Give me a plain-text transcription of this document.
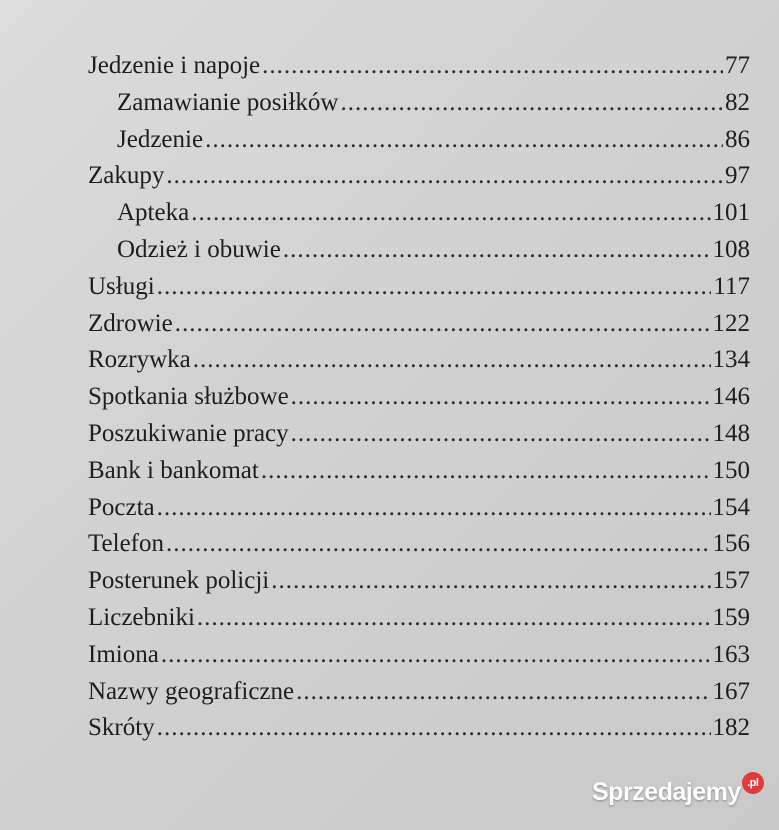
Jedzenie i napoje .....	77
Zamawianie posiłków .....	82
Jedzenie .....	86
Zakupy .....	97
Apteka .....	101
Odzież i obuwie .....	108
Usługi .....	117
Zdrowie .....	122
Rozrywka .....	134
Spotkania służbowe .....	146
Poszukiwanie pracy .....	148
Bank i bankomat .....	150
Poczta .....	154
Telefon .....	156
Posterunek policji .....	157
Liczebniki .....	159
Imiona .....	163
Nazwy geograficzne .....	167
Skróty .....	182
Sprzedajemy .pl
